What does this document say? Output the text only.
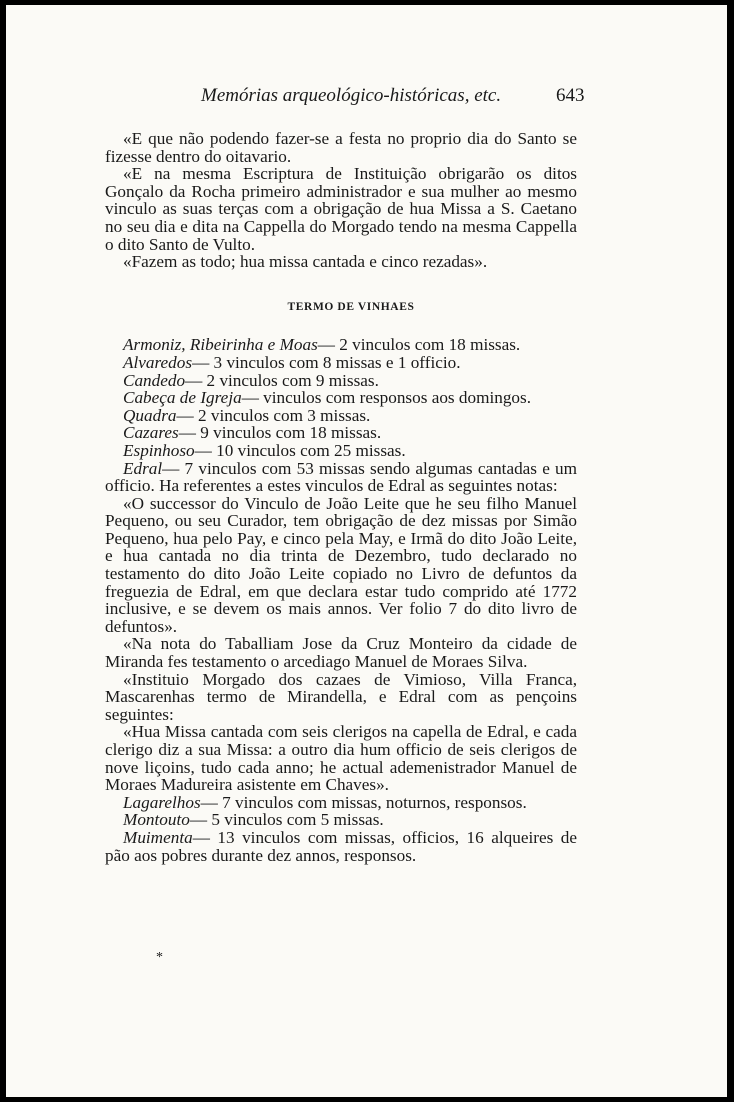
Memórias arqueológico-históricas, etc.	643

«E que não podendo fazer-se a festa no proprio dia do Santo se fizesse dentro do oitavario.

«E na mesma Escriptura de Instituição obrigarão os ditos Gonçalo da Rocha primeiro administrador e sua mulher ao mesmo vinculo as suas terças com a obrigação de hua Missa a S. Caetano no seu dia e dita na Cappella do Morgado tendo na mesma Cappella o dito Santo de Vulto.

«Fazem as todo; hua missa cantada e cinco rezadas».

TERMO DE VINHAES

Armoniz, Ribeirinha e Moas— 2 vinculos com 18 missas.

Alvaredos— 3 vinculos com 8 missas e 1 officio.

Candedo— 2 vinculos com 9 missas.

Cabeça de Igreja— vinculos com responsos aos domingos.

Quadra— 2 vinculos com 3 missas.

Cazares— 9 vinculos com 18 missas.

Espinhoso— 10 vinculos com 25 missas.

Edral— 7 vinculos com 53 missas sendo algumas cantadas e um officio. Ha referentes a estes vinculos de Edral as seguintes notas:

«O successor do Vinculo de João Leite que he seu filho Manuel Pequeno, ou seu Curador, tem obrigação de dez missas por Simão Pequeno, hua pelo Pay, e cinco pela May, e Irmã do dito João Leite, e hua cantada no dia trinta de Dezembro, tudo declarado no testamento do dito João Leite copiado no Livro de defuntos da freguezia de Edral, em que declara estar tudo comprido até 1772 inclusive, e se devem os mais annos. Ver folio 7 do dito livro de defuntos».

«Na nota do Taballiam Jose da Cruz Monteiro da cidade de Miranda fes testamento o arcediago Manuel de Moraes Silva.

«Instituio Morgado dos cazaes de Vimioso, Villa Franca, Mascarenhas termo de Mirandella, e Edral com as pençoins seguintes:

«Hua Missa cantada com seis clerigos na capella de Edral, e cada clerigo diz a sua Missa: a outro dia hum officio de seis clerigos de nove liçoins, tudo cada anno; he actual ademenistrador Manuel de Moraes Madureira asistente em Chaves».

Lagarelhos— 7 vinculos com missas, noturnos, responsos.

Montouto— 5 vinculos com 5 missas.

Muimenta— 13 vinculos com missas, officios, 16 alqueires de pão aos pobres durante dez annos, responsos.

*
